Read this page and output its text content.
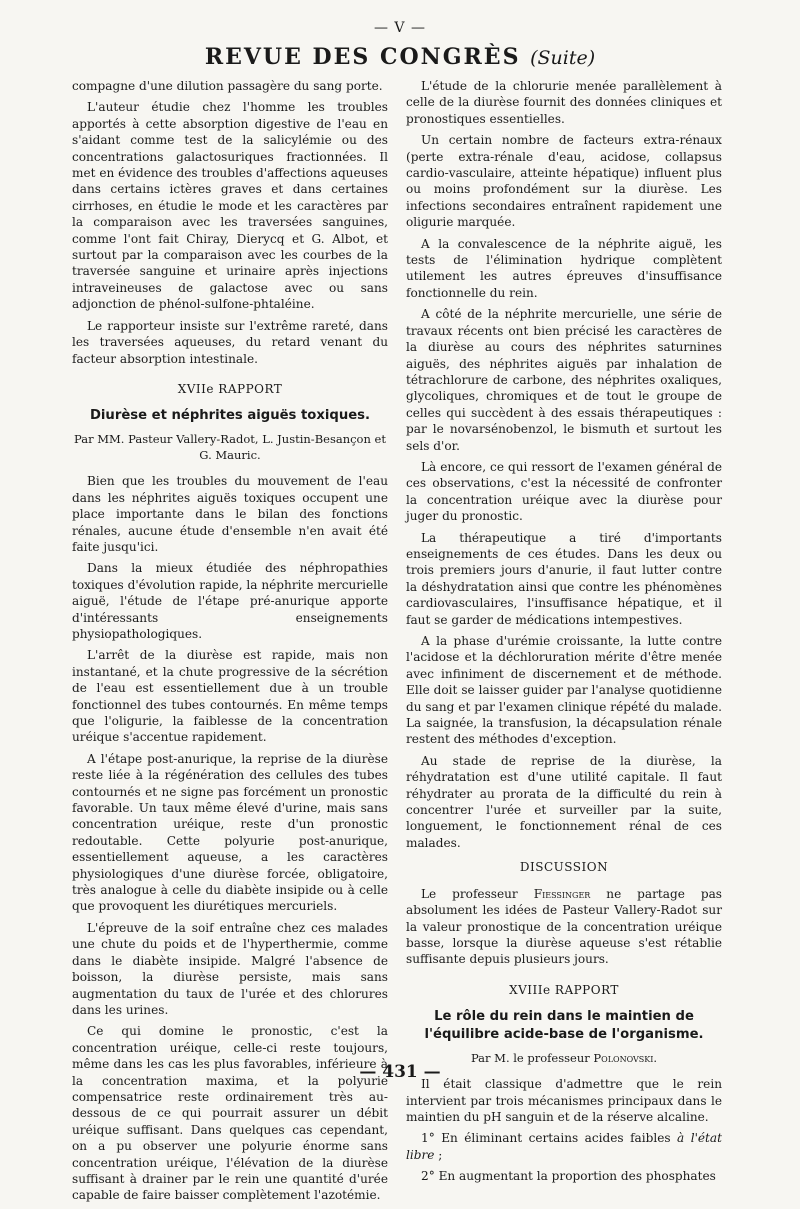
— V —
REVUE DES CONGRÈS (Suite)

compagne d'une dilution passagère du sang porte.

L'auteur étudie chez l'homme les troubles apportés à cette absorption digestive de l'eau en s'aidant comme test de la salicylémie ou des concentrations galactosuriques fractionnées. Il met en évidence des troubles d'affections aqueuses dans certains ictères graves et dans certaines cirrhoses, en étudie le mode et les caractères par la comparaison avec les traversées sanguines, comme l'ont fait Chiray, Dierycq et G. Albot, et surtout par la comparaison avec les courbes de la traversée sanguine et urinaire après injections intraveineuses de galactose avec ou sans adjonction de phénol-sulfone-phtaléine.

Le rapporteur insiste sur l'extrême rareté, dans les traversées aqueuses, du retard venant du facteur absorption intestinale.

XVIIe RAPPORT
Diurèse et néphrites aiguës toxiques.
Par MM. Pasteur Vallery-Radot, L. Justin-Besançon et G. Mauric.

Bien que les troubles du mouvement de l'eau dans les néphrites aiguës toxiques occupent une place importante dans le bilan des fonctions rénales, aucune étude d'ensemble n'en avait été faite jusqu'ici.

Dans la mieux étudiée des néphropathies toxiques d'évolution rapide, la néphrite mercurielle aiguë, l'étude de l'étape pré-anurique apporte d'intéressants enseignements physiopathologiques.

L'arrêt de la diurèse est rapide, mais non instantané, et la chute progressive de la sécrétion de l'eau est essentiellement due à un trouble fonctionnel des tubes contournés. En même temps que l'oligurie, la faiblesse de la concentration uréique s'accentue rapidement.

A l'étape post-anurique, la reprise de la diurèse reste liée à la régénération des cellules des tubes contournés et ne signe pas forcément un pronostic favorable. Un taux même élevé d'urine, mais sans concentration uréique, reste d'un pronostic redoutable. Cette polyurie post-anurique, essentiellement aqueuse, a les caractères physiologiques d'une diurèse forcée, obligatoire, très analogue à celle du diabète insipide ou à celle que provoquent les diurétiques mercuriels.

L'épreuve de la soif entraîne chez ces malades une chute du poids et de l'hyperthermie, comme dans le diabète insipide. Malgré l'absence de boisson, la diurèse persiste, mais sans augmentation du taux de l'urée et des chlorures dans les urines.

Ce qui domine le pronostic, c'est la concentration uréique, celle-ci reste toujours, même dans les cas les plus favorables, inférieure à la concentration maxima, et la polyurie compensatrice reste ordinairement très au-dessous de ce qui pourrait assurer un débit uréique suffisant. Dans quelques cas cependant, on a pu observer une polyurie énorme sans concentration uréique, l'élévation de la diurèse suffisant à drainer par le rein une quantité d'urée capable de faire baisser complètement l'azotémie.

L'étude de la chlorurie menée parallèlement à celle de la diurèse fournit des données cliniques et pronostiques essentielles.

Un certain nombre de facteurs extra-rénaux (perte extra-rénale d'eau, acidose, collapsus cardio-vasculaire, atteinte hépatique) influent plus ou moins profondément sur la diurèse. Les infections secondaires entraînent rapidement une oligurie marquée.

A la convalescence de la néphrite aiguë, les tests de l'élimination hydrique complètent utilement les autres épreuves d'insuffisance fonctionnelle du rein.

A côté de la néphrite mercurielle, une série de travaux récents ont bien précisé les caractères de la diurèse au cours des néphrites saturnines aiguës, des néphrites aiguës par inhalation de tétrachlorure de carbone, des néphrites oxaliques, glycoliques, chromiques et de tout le groupe de celles qui succèdent à des essais thérapeutiques : par le novarsénobenzol, le bismuth et surtout les sels d'or.

Là encore, ce qui ressort de l'examen général de ces observations, c'est la nécessité de confronter la concentration uréique avec la diurèse pour juger du pronostic.

La thérapeutique a tiré d'importants enseignements de ces études. Dans les deux ou trois premiers jours d'anurie, il faut lutter contre la déshydratation ainsi que contre les phénomènes cardiovasculaires, l'insuffisance hépatique, et il faut se garder de médications intempestives.

A la phase d'urémie croissante, la lutte contre l'acidose et la déchloruration mérite d'être menée avec infiniment de discernement et de méthode. Elle doit se laisser guider par l'analyse quotidienne du sang et par l'examen clinique répété du malade. La saignée, la transfusion, la décapsulation rénale restent des méthodes d'exception.

Au stade de reprise de la diurèse, la réhydratation est d'une utilité capitale. Il faut réhydrater au prorata de la difficulté du rein à concentrer l'urée et surveiller par la suite, longuement, le fonctionnement rénal de ces malades.

DISCUSSION

Le professeur Fiessinger ne partage pas absolument les idées de Pasteur Vallery-Radot sur la valeur pronostique de la concentration uréique basse, lorsque la diurèse aqueuse s'est rétablie suffisante depuis plusieurs jours.

XVIIIe RAPPORT
Le rôle du rein dans le maintien de l'équilibre acide-base de l'organisme.
Par M. le professeur Polonovski.

Il était classique d'admettre que le rein intervient par trois mécanismes principaux dans le maintien du pH sanguin et de la réserve alcaline.

1° En éliminant certains acides faibles à l'état libre ;

2° En augmentant la proportion des phosphates

— 431 —
